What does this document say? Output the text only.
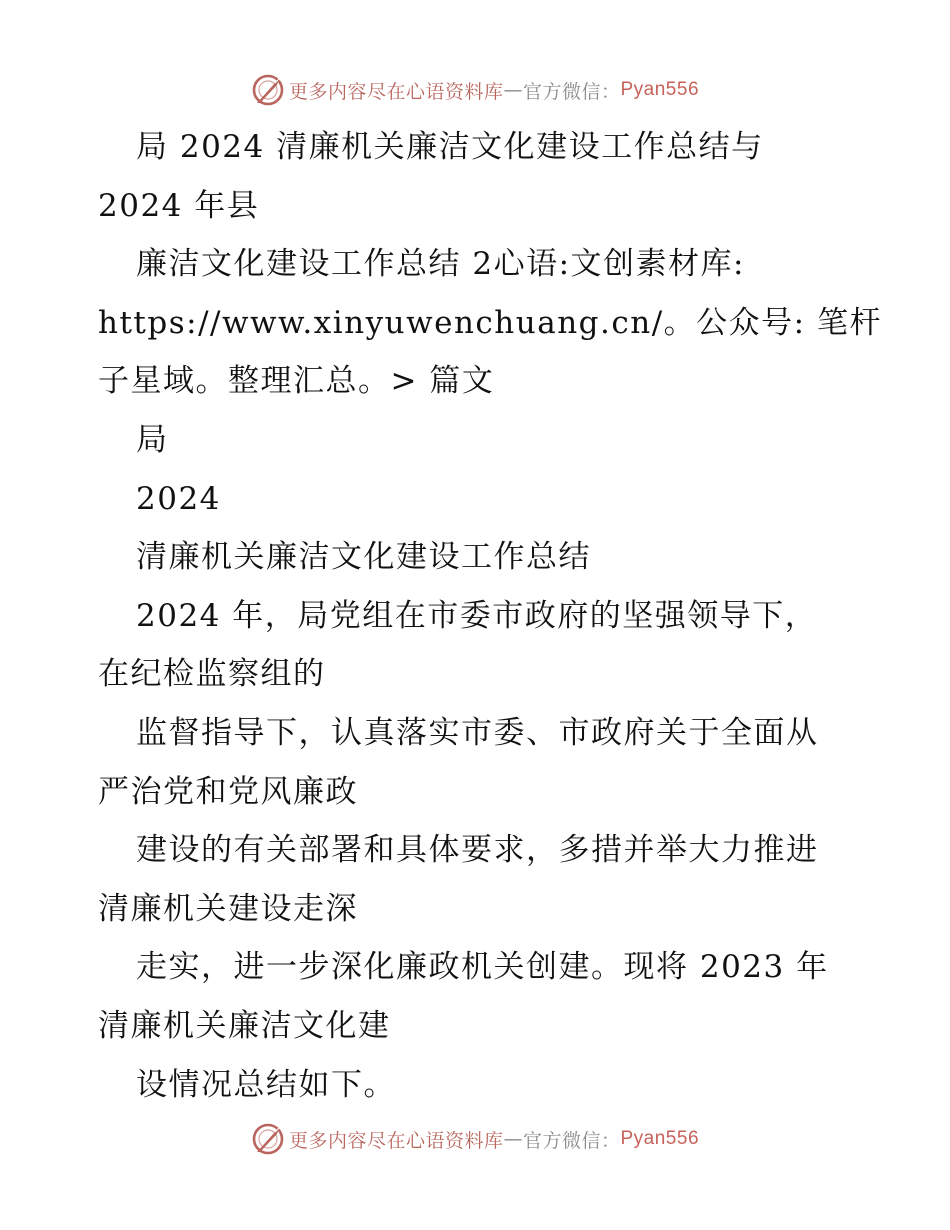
更多内容尽在心语资料库 — 官方微信： Pyan556
局 2024 清廉机关廉洁文化建设工作总结与
2024 年县
廉洁文化建设工作总结 2心语:文创素材库:
https://www.xinyuwenchuang.cn/。公众号: 笔杆
子星域。整理汇总。> 篇文
局
2024
清廉机关廉洁文化建设工作总结
2024 年，局党组在市委市政府的坚强领导下，
在纪检监察组的
监督指导下，认真落实市委、市政府关于全面从
严治党和党风廉政
建设的有关部署和具体要求，多措并举大力推进
清廉机关建设走深
走实，进一步深化廉政机关创建。现将 2023 年
清廉机关廉洁文化建
设情况总结如下。
更多内容尽在心语资料库 — 官方微信： Pyan556
